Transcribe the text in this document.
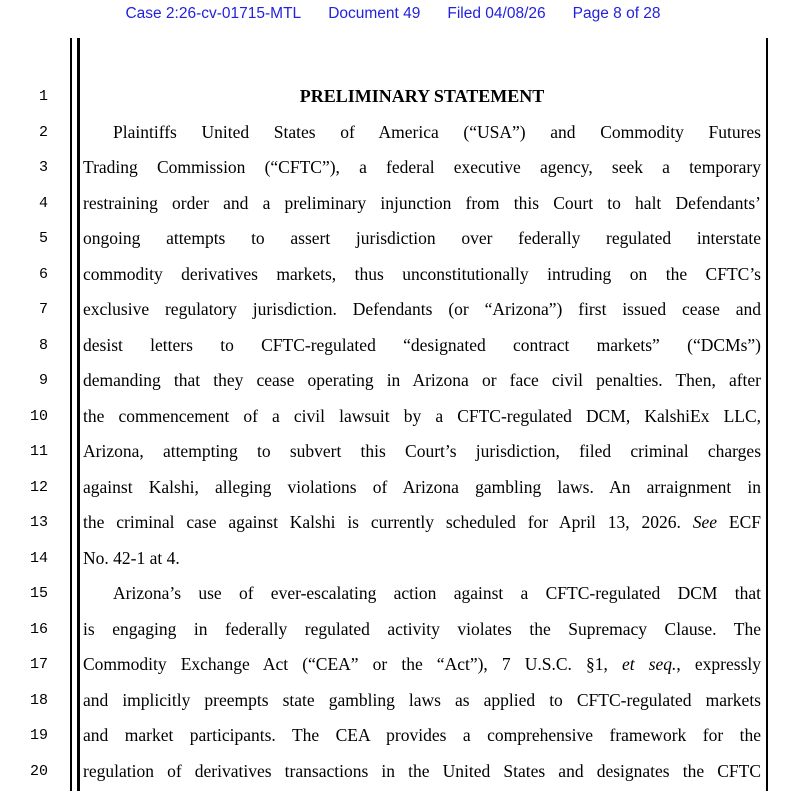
Case 2:26-cv-01715-MTL Document 49 Filed 04/08/26 Page 8 of 28
1	PRELIMINARY STATEMENT
2	Plaintiffs United States of America (“USA”) and Commodity Futures
3 Trading Commission (“CFTC”), a federal executive agency, seek a temporary
4 restraining order and a preliminary injunction from this Court to halt Defendants’
5 ongoing attempts to assert jurisdiction over federally regulated interstate
6 commodity derivatives markets, thus unconstitutionally intruding on the CFTC’s
7 exclusive regulatory jurisdiction. Defendants (or “Arizona”) first issued cease and
8 desist letters to CFTC-regulated “designated contract markets” (“DCMs”)
9 demanding that they cease operating in Arizona or face civil penalties. Then, after
10 the commencement of a civil lawsuit by a CFTC-regulated DCM, KalshiEx LLC,
11 Arizona, attempting to subvert this Court’s jurisdiction, filed criminal charges
12 against Kalshi, alleging violations of Arizona gambling laws. An arraignment in
13 the criminal case against Kalshi is currently scheduled for April 13, 2026. See ECF
14 No. 42-1 at 4.
15	Arizona’s use of ever-escalating action against a CFTC-regulated DCM that
16 is engaging in federally regulated activity violates the Supremacy Clause. The
17 Commodity Exchange Act (“CEA” or the “Act”), 7 U.S.C. §1, et seq., expressly
18 and implicitly preempts state gambling laws as applied to CFTC-regulated markets
19 and market participants. The CEA provides a comprehensive framework for the
20 regulation of derivatives transactions in the United States and designates the CFTC
